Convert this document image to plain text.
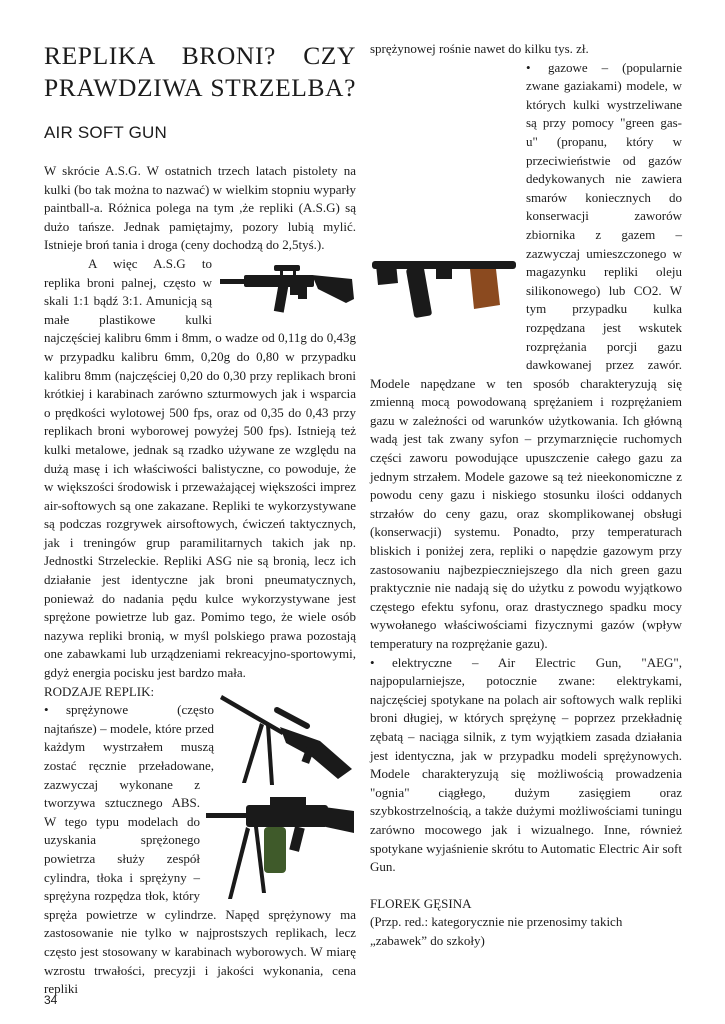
REPLIKA BRONI? CZY PRAWDZIWA STRZELBA?
AIR SOFT GUN

W skrócie A.S.G. W ostatnich trzech latach pistolety na kulki (bo tak można to nazwać) w wielkim stopniu wyparły paintball-a. Różnica polega na tym ,że repliki (A.S.G) są dużo tańsze. Jednak pamiętajmy, pozory lubią mylić. Istnieje broń tania i droga (ceny dochodzą do 2,5tyś.).

A więc A.S.G to replika broni palnej, często w skali 1:1 bądź 3:1. Amunicją są małe plastikowe kulki najczęściej kalibru 6mm i 8mm, o wadze od 0,11g do 0,43g w przypadku kalibru 6mm, 0,20g do 0,80 w przypadku kalibru 8mm (najczęściej 0,20 do 0,30 przy replikach broni krótkiej i karabinach zarówno szturmowych jak i wsparcia o prędkości wylotowej 500 fps, oraz od 0,35 do 0,43 przy replikach broni wyborowej powyżej 500 fps). Istnieją też kulki metalowe, jednak są rzadko używane ze względu na dużą masę i ich właściwości balistyczne, co powoduje, że w większości środowisk i przeważającej większości imprez air-softowych są one zakazane. Repliki te wykorzystywane są podczas rozgrywek airsoftowych, ćwiczeń taktycznych, jak i treningów grup paramilitarnych takich jak np. Jednostki Strzeleckie. Repliki ASG nie są bronią, lecz ich działanie jest identyczne jak broni pneumatycznych, ponieważ do nadania pędu kulce wykorzystywane jest sprężone powietrze lub gaz. Pomimo tego, że wiele osób nazywa repliki bronią, w myśl polskiego prawa pozostają one zabawkami lub urządzeniami rekreacyjno-sportowymi, gdyż energia pocisku jest bardzo mała.

RODZAJE REPLIK:

• sprężynowe (często najtańsze) – modele, które przed każdym wystrzałem muszą zostać ręcznie przeładowane, zazwyczaj wykonane z tworzywa sztucznego ABS. W tego typu modelach do uzyskania sprężonego powietrza służy zespół cylindra, tłoka i sprężyny – sprężyna rozpędza tłok, który spręża powietrze w cylindrze. Napęd sprężynowy ma zastosowanie nie tylko w najprostszych replikach, lecz często jest stosowany w karabinach wyborowych. W miarę wzrostu trwałości, precyzji i jakości wykonania, cena repliki

sprężynowej rośnie nawet do kilku tys. zł.

• gazowe – (popularnie zwane gaziakami) modele, w których kulki wystrzeliwane są przy pomocy "green gas-u" (propanu, który w przeciwieństwie od gazów dedykowanych nie zawiera smarów koniecznych do konserwacji zaworów zbiornika z gazem – zazwyczaj umieszczonego w magazynku repliki oleju silikonowego) lub CO2. W tym przypadku kulka rozpędzana jest wskutek rozprężania porcji gazu dawkowanej przez zawór. Modele napędzane w ten sposób charakteryzują się zmienną mocą powodowaną sprężaniem i rozprężaniem gazu w zależności od warunków użytkowania. Ich główną wadą jest tak zwany syfon – przymarznięcie ruchomych części zaworu powodujące upuszczenie całego gazu za jednym strzałem. Modele gazowe są też nieekonomiczne z powodu ceny gazu i niskiego stosunku ilości oddanych strzałów do ceny gazu, oraz skomplikowanej obsługi (konserwacji) systemu. Ponadto, przy temperaturach bliskich i poniżej zera, repliki o napędzie gazowym przy zastosowaniu najbezpieczniejszego dla nich green gazu praktycznie nie nadają się do użytku z powodu wyjątkowo częstego efektu syfonu, oraz drastycznego spadku mocy wywołanego właściwościami fizycznymi gazów (wpływ temperatury na rozprężanie gazu).

• elektryczne – Air Electric Gun, "AEG", najpopularniejsze, potocznie zwane: elektrykami, najczęściej spotykane na polach air softowych walk repliki broni długiej, w których sprężynę – poprzez przekładnię zębatą – naciąga silnik, z tym wyjątkiem zasada działania jest identyczna, jak w przypadku modeli sprężynowych. Modele charakteryzują się możliwością prowadzenia "ognia" ciągłego, dużym zasięgiem oraz szybkostrzelnością, a także dużymi możliwościami tuningu zarówno mocowego jak i wizualnego. Inne, również spotykane wyjaśnienie skrótu to Automatic Electric Air soft Gun.

FLOREK GĘSINA

(Przp. red.: kategorycznie nie przenosimy takich „zabawek” do szkoły)

34
